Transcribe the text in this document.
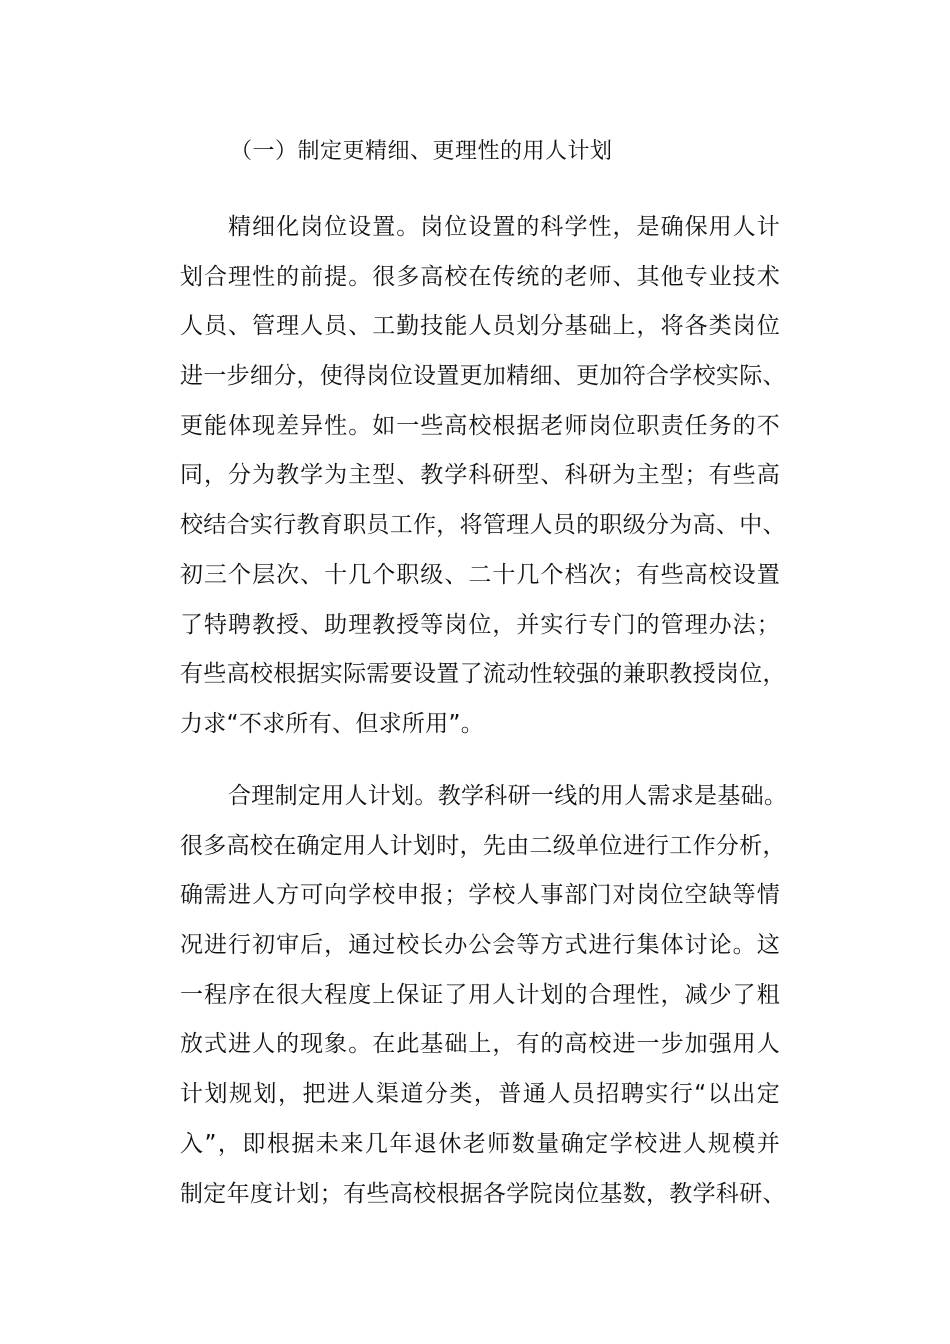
（一）制定更精细、更理性的用人计划
精细化岗位设置。岗位设置的科学性，是确保用人计
划合理性的前提。很多高校在传统的老师、其他专业技术
人员、管理人员、工勤技能人员划分基础上，将各类岗位
进一步细分，使得岗位设置更加精细、更加符合学校实际、
更能体现差异性。如一些高校根据老师岗位职责任务的不
同，分为教学为主型、教学科研型、科研为主型；有些高
校结合实行教育职员工作，将管理人员的职级分为高、中、
初三个层次、十几个职级、二十几个档次；有些高校设置
了特聘教授、助理教授等岗位，并实行专门的管理办法；
有些高校根据实际需要设置了流动性较强的兼职教授岗位，
力求“不求所有、但求所用”。
合理制定用人计划。教学科研一线的用人需求是基础。
很多高校在确定用人计划时，先由二级单位进行工作分析，
确需进人方可向学校申报；学校人事部门对岗位空缺等情
况进行初审后，通过校长办公会等方式进行集体讨论。这
一程序在很大程度上保证了用人计划的合理性，减少了粗
放式进人的现象。在此基础上，有的高校进一步加强用人
计划规划，把进人渠道分类，普通人员招聘实行“以出定
入”，即根据未来几年退休老师数量确定学校进人规模并
制定年度计划；有些高校根据各学院岗位基数，教学科研、
